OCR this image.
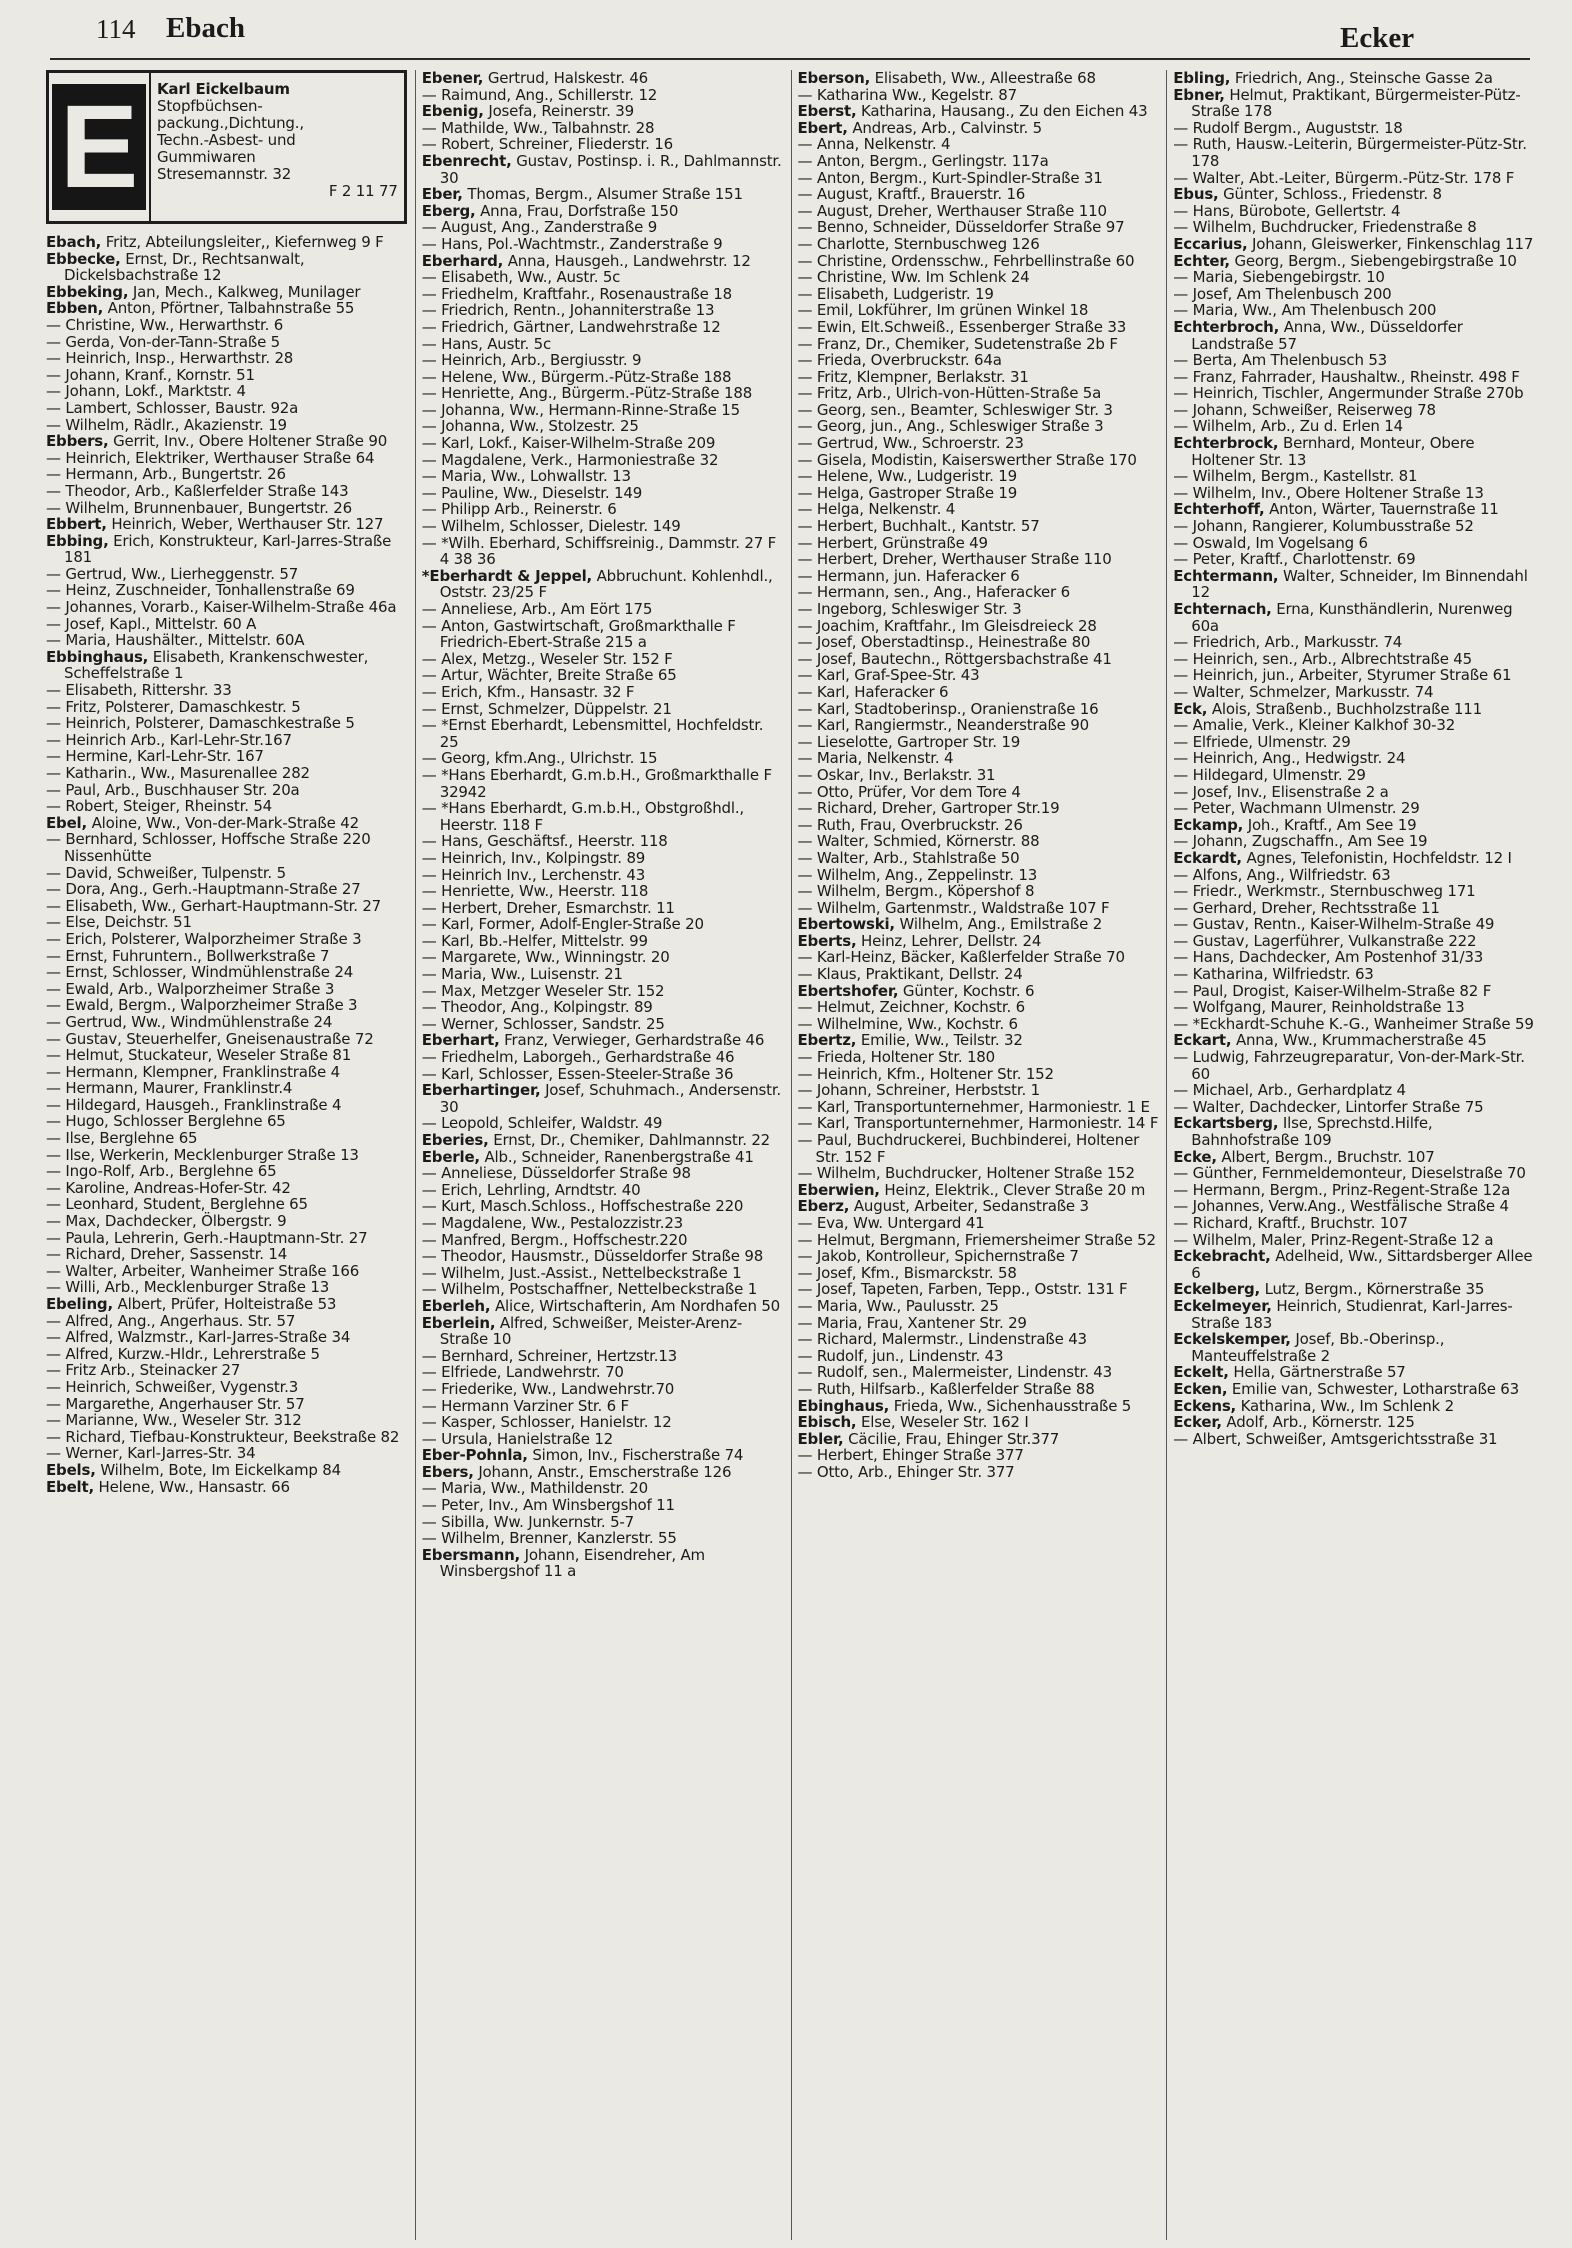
114 Ebach	Ecker
E	Karl Eickelbaum
Stopfbüchsen-
packung.,Dichtung.,
Techn.-Asbest- und
Gummiwaren
Stresemannstr. 32
F 2 11 77

Ebach, Fritz, Abteilungsleiter,, Kiefernweg 9 F

Ebbecke, Ernst, Dr., Rechtsanwalt, Dickelsbachstraße 12

Ebbeking, Jan, Mech., Kalkweg, Munilager

Ebben, Anton, Pförtner, Talbahnstraße 55

— Christine, Ww., Herwarthstr. 6

— Gerda, Von-der-Tann-Straße 5

— Heinrich, Insp., Herwarthstr. 28

— Johann, Kranf., Kornstr. 51

— Johann, Lokf., Marktstr. 4

— Lambert, Schlosser, Baustr. 92a

— Wilhelm, Rädlr., Akazienstr. 19

Ebbers, Gerrit, Inv., Obere Holtener Straße 90

— Heinrich, Elektriker, Werthauser Straße 64

— Hermann, Arb., Bungertstr. 26

— Theodor, Arb., Kaßlerfelder Straße 143

— Wilhelm, Brunnenbauer, Bungertstr. 26

Ebbert, Heinrich, Weber, Werthauser Str. 127

Ebbing, Erich, Konstrukteur, Karl-Jarres-Straße 181

— Gertrud, Ww., Lierheggenstr. 57

— Heinz, Zuschneider, Tonhallenstraße 69

— Johannes, Vorarb., Kaiser-Wilhelm-Straße 46a

— Josef, Kapl., Mittelstr. 60 A

— Maria, Haushälter., Mittelstr. 60A

Ebbinghaus, Elisabeth, Krankenschwester, Scheffelstraße 1

— Elisabeth, Rittershr. 33

— Fritz, Polsterer, Damaschkestr. 5

— Heinrich, Polsterer, Damaschkestraße 5

— Heinrich Arb., Karl-Lehr-Str.167

— Hermine, Karl-Lehr-Str. 167

— Katharin., Ww., Masurenallee 282

— Paul, Arb., Buschhauser Str. 20a

— Robert, Steiger, Rheinstr. 54

Ebel, Aloine, Ww., Von-der-Mark-Straße 42

— Bernhard, Schlosser, Hoffsche Straße 220 Nissenhütte

— David, Schweißer, Tulpenstr. 5

— Dora, Ang., Gerh.-Hauptmann-Straße 27

— Elisabeth, Ww., Gerhart-Hauptmann-Str. 27

— Else, Deichstr. 51

— Erich, Polsterer, Walporzheimer Straße 3

— Ernst, Fuhruntern., Bollwerkstraße 7

— Ernst, Schlosser, Windmühlenstraße 24

— Ewald, Arb., Walporzheimer Straße 3

— Ewald, Bergm., Walporzheimer Straße 3

— Gertrud, Ww., Windmühlenstraße 24

— Gustav, Steuerhelfer, Gneisenaustraße 72

— Helmut, Stuckateur, Weseler Straße 81

— Hermann, Klempner, Franklinstraße 4

— Hermann, Maurer, Franklinstr.4

— Hildegard, Hausgeh., Franklinstraße 4

— Hugo, Schlosser Berglehne 65

— Ilse, Berglehne 65

— Ilse, Werkerin, Mecklenburger Straße 13

— Ingo-Rolf, Arb., Berglehne 65

— Karoline, Andreas-Hofer-Str. 42

— Leonhard, Student, Berglehne 65

— Max, Dachdecker, Ölbergstr. 9

— Paula, Lehrerin, Gerh.-Hauptmann-Str. 27

— Richard, Dreher, Sassenstr. 14

— Walter, Arbeiter, Wanheimer Straße 166

— Willi, Arb., Mecklenburger Straße 13

Ebeling, Albert, Prüfer, Holteistraße 53

— Alfred, Ang., Angerhaus. Str. 57

— Alfred, Walzmstr., Karl-Jarres-Straße 34

— Alfred, Kurzw.-Hldr., Lehrerstraße 5

— Fritz Arb., Steinacker 27

— Heinrich, Schweißer, Vygenstr.3

— Margarethe, Angerhauser Str. 57

— Marianne, Ww., Weseler Str. 312

— Richard, Tiefbau-Konstrukteur, Beekstraße 82

— Werner, Karl-Jarres-Str. 34

Ebels, Wilhelm, Bote, Im Eickelkamp 84

Ebelt, Helene, Ww., Hansastr. 66

Ebener, Gertrud, Halskestr. 46

— Raimund, Ang., Schillerstr. 12

Ebenig, Josefa, Reinerstr. 39

— Mathilde, Ww., Talbahnstr. 28

— Robert, Schreiner, Fliederstr. 16

Ebenrecht, Gustav, Postinsp. i. R., Dahlmannstr. 30

Eber, Thomas, Bergm., Alsumer Straße 151

Eberg, Anna, Frau, Dorfstraße 150

— August, Ang., Zanderstraße 9

— Hans, Pol.-Wachtmstr., Zanderstraße 9

Eberhard, Anna, Hausgeh., Landwehrstr. 12

— Elisabeth, Ww., Austr. 5c

— Friedhelm, Kraftfahr., Rosenaustraße 18

— Friedrich, Rentn., Johanniterstraße 13

— Friedrich, Gärtner, Landwehrstraße 12

— Hans, Austr. 5c

— Heinrich, Arb., Bergiusstr. 9

— Helene, Ww., Bürgerm.-Pütz-Straße 188

— Henriette, Ang., Bürgerm.-Pütz-Straße 188

— Johanna, Ww., Hermann-Rinne-Straße 15

— Johanna, Ww., Stolzestr. 25

— Karl, Lokf., Kaiser-Wilhelm-Straße 209

— Magdalene, Verk., Harmoniestraße 32

— Maria, Ww., Lohwallstr. 13

— Pauline, Ww., Dieselstr. 149

— Philipp Arb., Reinerstr. 6

— Wilhelm, Schlosser, Dielestr. 149

— *Wilh. Eberhard, Schiffsreinig., Dammstr. 27 F 4 38 36

*Eberhardt & Jeppel, Abbruchunt. Kohlenhdl., Oststr. 23/25 F

— Anneliese, Arb., Am Eört 175

— Anton, Gastwirtschaft, Großmarkthalle F Friedrich-Ebert-Straße 215 a

— Alex, Metzg., Weseler Str. 152 F

— Artur, Wächter, Breite Straße 65

— Erich, Kfm., Hansastr. 32 F

— Ernst, Schmelzer, Düppelstr. 21

— *Ernst Eberhardt, Lebensmittel, Hochfeldstr. 25

— Georg, kfm.Ang., Ulrichstr. 15

— *Hans Eberhardt, G.m.b.H., Großmarkthalle F 32942

— *Hans Eberhardt, G.m.b.H., Obstgroßhdl., Heerstr. 118 F

— Hans, Geschäftsf., Heerstr. 118

— Heinrich, Inv., Kolpingstr. 89

— Heinrich Inv., Lerchenstr. 43

— Henriette, Ww., Heerstr. 118

— Herbert, Dreher, Esmarchstr. 11

— Karl, Former, Adolf-Engler-Straße 20

— Karl, Bb.-Helfer, Mittelstr. 99

— Margarete, Ww., Winningstr. 20

— Maria, Ww., Luisenstr. 21

— Max, Metzger Weseler Str. 152

— Theodor, Ang., Kolpingstr. 89

— Werner, Schlosser, Sandstr. 25

Eberhart, Franz, Verwieger, Gerhardstraße 46

— Friedhelm, Laborgeh., Gerhardstraße 46

— Karl, Schlosser, Essen-Steeler-Straße 36

Eberhartinger, Josef, Schuhmach., Andersenstr. 30

— Leopold, Schleifer, Waldstr. 49

Eberies, Ernst, Dr., Chemiker, Dahlmannstr. 22

Eberle, Alb., Schneider, Ranenbergstraße 41

— Anneliese, Düsseldorfer Straße 98

— Erich, Lehrling, Arndtstr. 40

— Kurt, Masch.Schloss., Hoffschestraße 220

— Magdalene, Ww., Pestalozzistr.23

— Manfred, Bergm., Hoffschestr.220

— Theodor, Hausmstr., Düsseldorfer Straße 98

— Wilhelm, Just.-Assist., Nettelbeckstraße 1

— Wilhelm, Postschaffner, Nettelbeckstraße 1

Eberleh, Alice, Wirtschafterin, Am Nordhafen 50

Eberlein, Alfred, Schweißer, Meister-Arenz-Straße 10

— Bernhard, Schreiner, Hertzstr.13

— Elfriede, Landwehrstr. 70

— Friederike, Ww., Landwehrstr.70

— Hermann Varziner Str. 6 F

— Kasper, Schlosser, Hanielstr. 12

— Ursula, Hanielstraße 12

Eber-Pohnla, Simon, Inv., Fischerstraße 74

Ebers, Johann, Anstr., Emscherstraße 126

— Maria, Ww., Mathildenstr. 20

— Peter, Inv., Am Winsbergshof 11

— Sibilla, Ww. Junkernstr. 5-7

— Wilhelm, Brenner, Kanzlerstr. 55

Ebersmann, Johann, Eisendreher, Am Winsbergshof 11 a

Eberson, Elisabeth, Ww., Alleestraße 68

— Katharina Ww., Kegelstr. 87

Eberst, Katharina, Hausang., Zu den Eichen 43

Ebert, Andreas, Arb., Calvinstr. 5

— Anna, Nelkenstr. 4

— Anton, Bergm., Gerlingstr. 117a

— Anton, Bergm., Kurt-Spindler-Straße 31

— August, Kraftf., Brauerstr. 16

— August, Dreher, Werthauser Straße 110

— Benno, Schneider, Düsseldorfer Straße 97

— Charlotte, Sternbuschweg 126

— Christine, Ordensschw., Fehrbellinstraße 60

— Christine, Ww. Im Schlenk 24

— Elisabeth, Ludgeristr. 19

— Emil, Lokführer, Im grünen Winkel 18

— Ewin, Elt.Schweiß., Essenberger Straße 33

— Franz, Dr., Chemiker, Sudetenstraße 2b F

— Frieda, Overbruckstr. 64a

— Fritz, Klempner, Berlakstr. 31

— Fritz, Arb., Ulrich-von-Hütten-Straße 5a

— Georg, sen., Beamter, Schleswiger Str. 3

— Georg, jun., Ang., Schleswiger Straße 3

— Gertrud, Ww., Schroerstr. 23

— Gisela, Modistin, Kaiserswerther Straße 170

— Helene, Ww., Ludgeristr. 19

— Helga, Gastroper Straße 19

— Helga, Nelkenstr. 4

— Herbert, Buchhalt., Kantstr. 57

— Herbert, Grünstraße 49

— Herbert, Dreher, Werthauser Straße 110

— Hermann, jun. Haferacker 6

— Hermann, sen., Ang., Haferacker 6

— Ingeborg, Schleswiger Str. 3

— Joachim, Kraftfahr., Im Gleisdreieck 28

— Josef, Oberstadtinsp., Heinestraße 80

— Josef, Bautechn., Röttgersbachstraße 41

— Karl, Graf-Spee-Str. 43

— Karl, Haferacker 6

— Karl, Stadtoberinsp., Oranienstraße 16

— Karl, Rangiermstr., Neanderstraße 90

— Lieselotte, Gartroper Str. 19

— Maria, Nelkenstr. 4

— Oskar, Inv., Berlakstr. 31

— Otto, Prüfer, Vor dem Tore 4

— Richard, Dreher, Gartroper Str.19

— Ruth, Frau, Overbruckstr. 26

— Walter, Schmied, Körnerstr. 88

— Walter, Arb., Stahlstraße 50

— Wilhelm, Ang., Zeppelinstr. 13

— Wilhelm, Bergm., Köpershof 8

— Wilhelm, Gartenmstr., Waldstraße 107 F

Ebertowski, Wilhelm, Ang., Emilstraße 2

Eberts, Heinz, Lehrer, Dellstr. 24

— Karl-Heinz, Bäcker, Kaßlerfelder Straße 70

— Klaus, Praktikant, Dellstr. 24

Ebertshofer, Günter, Kochstr. 6

— Helmut, Zeichner, Kochstr. 6

— Wilhelmine, Ww., Kochstr. 6

Ebertz, Emilie, Ww., Teilstr. 32

— Frieda, Holtener Str. 180

— Heinrich, Kfm., Holtener Str. 152

— Johann, Schreiner, Herbststr. 1

— Karl, Transportunternehmer, Harmoniestr. 1 E

— Karl, Transportunternehmer, Harmoniestr. 14 F

— Paul, Buchdruckerei, Buchbinderei, Holtener Str. 152 F

— Wilhelm, Buchdrucker, Holtener Straße 152

Eberwien, Heinz, Elektrik., Clever Straße 20 m

Eberz, August, Arbeiter, Sedanstraße 3

— Eva, Ww. Untergard 41

— Helmut, Bergmann, Friemersheimer Straße 52

— Jakob, Kontrolleur, Spichernstraße 7

— Josef, Kfm., Bismarckstr. 58

— Josef, Tapeten, Farben, Tepp., Oststr. 131 F

— Maria, Ww., Paulusstr. 25

— Maria, Frau, Xantener Str. 29

— Richard, Malermstr., Lindenstraße 43

— Rudolf, jun., Lindenstr. 43

— Rudolf, sen., Malermeister, Lindenstr. 43

— Ruth, Hilfsarb., Kaßlerfelder Straße 88

Ebinghaus, Frieda, Ww., Sichenhausstraße 5

Ebisch, Else, Weseler Str. 162 I

Ebler, Cäcilie, Frau, Ehinger Str.377

— Herbert, Ehinger Straße 377

— Otto, Arb., Ehinger Str. 377

Ebling, Friedrich, Ang., Steinsche Gasse 2a

Ebner, Helmut, Praktikant, Bürgermeister-Pütz-Straße 178

— Rudolf Bergm., Auguststr. 18

— Ruth, Hausw.-Leiterin, Bürgermeister-Pütz-Str. 178

— Walter, Abt.-Leiter, Bürgerm.-Pütz-Str. 178 F

Ebus, Günter, Schloss., Friedenstr. 8

— Hans, Bürobote, Gellertstr. 4

— Wilhelm, Buchdrucker, Friedenstraße 8

Eccarius, Johann, Gleiswerker, Finkenschlag 117

Echter, Georg, Bergm., Siebengebirgstraße 10

— Maria, Siebengebirgstr. 10

— Josef, Am Thelenbusch 200

— Maria, Ww., Am Thelenbusch 200

Echterbroch, Anna, Ww., Düsseldorfer Landstraße 57

— Berta, Am Thelenbusch 53

— Franz, Fahrrader, Haushaltw., Rheinstr. 498 F

— Heinrich, Tischler, Angermunder Straße 270b

— Johann, Schweißer, Reiserweg 78

— Wilhelm, Arb., Zu d. Erlen 14

Echterbrock, Bernhard, Monteur, Obere Holtener Str. 13

— Wilhelm, Bergm., Kastellstr. 81

— Wilhelm, Inv., Obere Holtener Straße 13

Echterhoff, Anton, Wärter, Tauernstraße 11

— Johann, Rangierer, Kolumbusstraße 52

— Oswald, Im Vogelsang 6

— Peter, Kraftf., Charlottenstr. 69

Echtermann, Walter, Schneider, Im Binnendahl 12

Echternach, Erna, Kunsthändlerin, Nurenweg 60a

— Friedrich, Arb., Markusstr. 74

— Heinrich, sen., Arb., Albrechtstraße 45

— Heinrich, jun., Arbeiter, Styrumer Straße 61

— Walter, Schmelzer, Markusstr. 74

Eck, Alois, Straßenb., Buchholzstraße 111

— Amalie, Verk., Kleiner Kalkhof 30-32

— Elfriede, Ulmenstr. 29

— Heinrich, Ang., Hedwigstr. 24

— Hildegard, Ulmenstr. 29

— Josef, Inv., Elisenstraße 2 a

— Peter, Wachmann Ulmenstr. 29

Eckamp, Joh., Kraftf., Am See 19

— Johann, Zugschaffn., Am See 19

Eckardt, Agnes, Telefonistin, Hochfeldstr. 12 I

— Alfons, Ang., Wilfriedstr. 63

— Friedr., Werkmstr., Sternbuschweg 171

— Gerhard, Dreher, Rechtsstraße 11

— Gustav, Rentn., Kaiser-Wilhelm-Straße 49

— Gustav, Lagerführer, Vulkanstraße 222

— Hans, Dachdecker, Am Postenhof 31/33

— Katharina, Wilfriedstr. 63

— Paul, Drogist, Kaiser-Wilhelm-Straße 82 F

— Wolfgang, Maurer, Reinholdstraße 13

— *Eckhardt-Schuhe K.-G., Wanheimer Straße 59

Eckart, Anna, Ww., Krummacherstraße 45

— Ludwig, Fahrzeugreparatur, Von-der-Mark-Str. 60

— Michael, Arb., Gerhardplatz 4

— Walter, Dachdecker, Lintorfer Straße 75

Eckartsberg, Ilse, Sprechstd.Hilfe, Bahnhofstraße 109

Ecke, Albert, Bergm., Bruchstr. 107

— Günther, Fernmeldemonteur, Dieselstraße 70

— Hermann, Bergm., Prinz-Regent-Straße 12a

— Johannes, Verw.Ang., Westfälische Straße 4

— Richard, Kraftf., Bruchstr. 107

— Wilhelm, Maler, Prinz-Regent-Straße 12 a

Eckebracht, Adelheid, Ww., Sittardsberger Allee 6

Eckelberg, Lutz, Bergm., Körnerstraße 35

Eckelmeyer, Heinrich, Studienrat, Karl-Jarres-Straße 183

Eckelskemper, Josef, Bb.-Oberinsp., Manteuffelstraße 2

Eckelt, Hella, Gärtnerstraße 57

Ecken, Emilie van, Schwester, Lotharstraße 63

Eckens, Katharina, Ww., Im Schlenk 2

Ecker, Adolf, Arb., Körnerstr. 125

— Albert, Schweißer, Amtsgerichtsstraße 31
